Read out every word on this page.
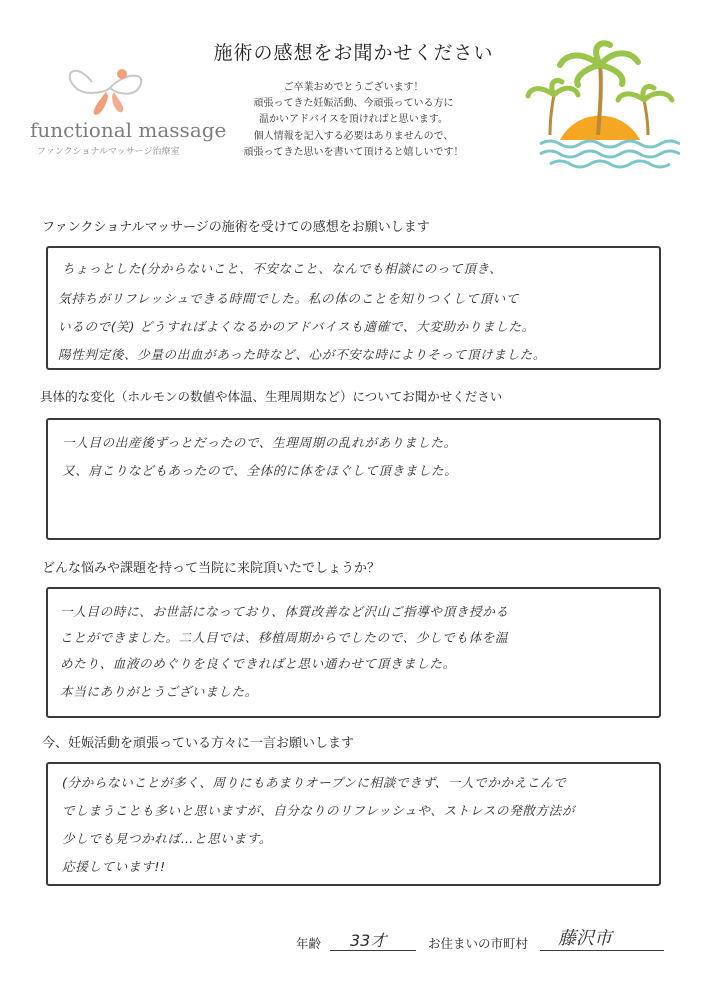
施術の感想をお聞かせください
ご卒業おめでとうございます！
頑張ってきた妊娠活動、今頑張っている方に
温かいアドバイスを頂ければと思います。
個人情報を記入する必要はありませんので、
頑張ってきた思いを書いて頂けると嬉しいです！
functional massage
ファンクショナルマッサージ治療室
ファンクショナルマッサージの施術を受けての感想をお願いします
ちょっとした(分からないこと、不安なこと、なんでも相談にのって頂き、
気持ちがリフレッシュできる時間でした。私の体のことを知りつくして頂いて
いるので(笑) どうすればよくなるかのアドバイスも適確で、大変助かりました。
陽性判定後、少量の出血があった時など、心が不安な時によりそって頂けました。
具体的な変化（ホルモンの数値や体温、生理周期など）についてお聞かせください
一人目の出産後ずっとだったので、生理周期の乱れがありました。
又、肩こりなどもあったので、全体的に体をほぐして頂きました。
どんな悩みや課題を持って当院に来院頂いたでしょうか？
一人目の時に、お世話になっており、体質改善など沢山ご指導や頂き授かる
ことができました。二人目では、移植周期からでしたので、少しでも体を温
めたり、血液のめぐりを良くできればと思い通わせて頂きました。
本当にありがとうございました。
今、妊娠活動を頑張っている方々に一言お願いします
(分からないことが多く、周りにもあまりオープンに相談できず、一人でかかえこんで
でしまうことも多いと思いますが、自分なりのリフレッシュや、ストレスの発散方法が
少しでも見つかれば…と思います。
応援しています!!
年齢 33才	お住まいの市町村 藤沢市
